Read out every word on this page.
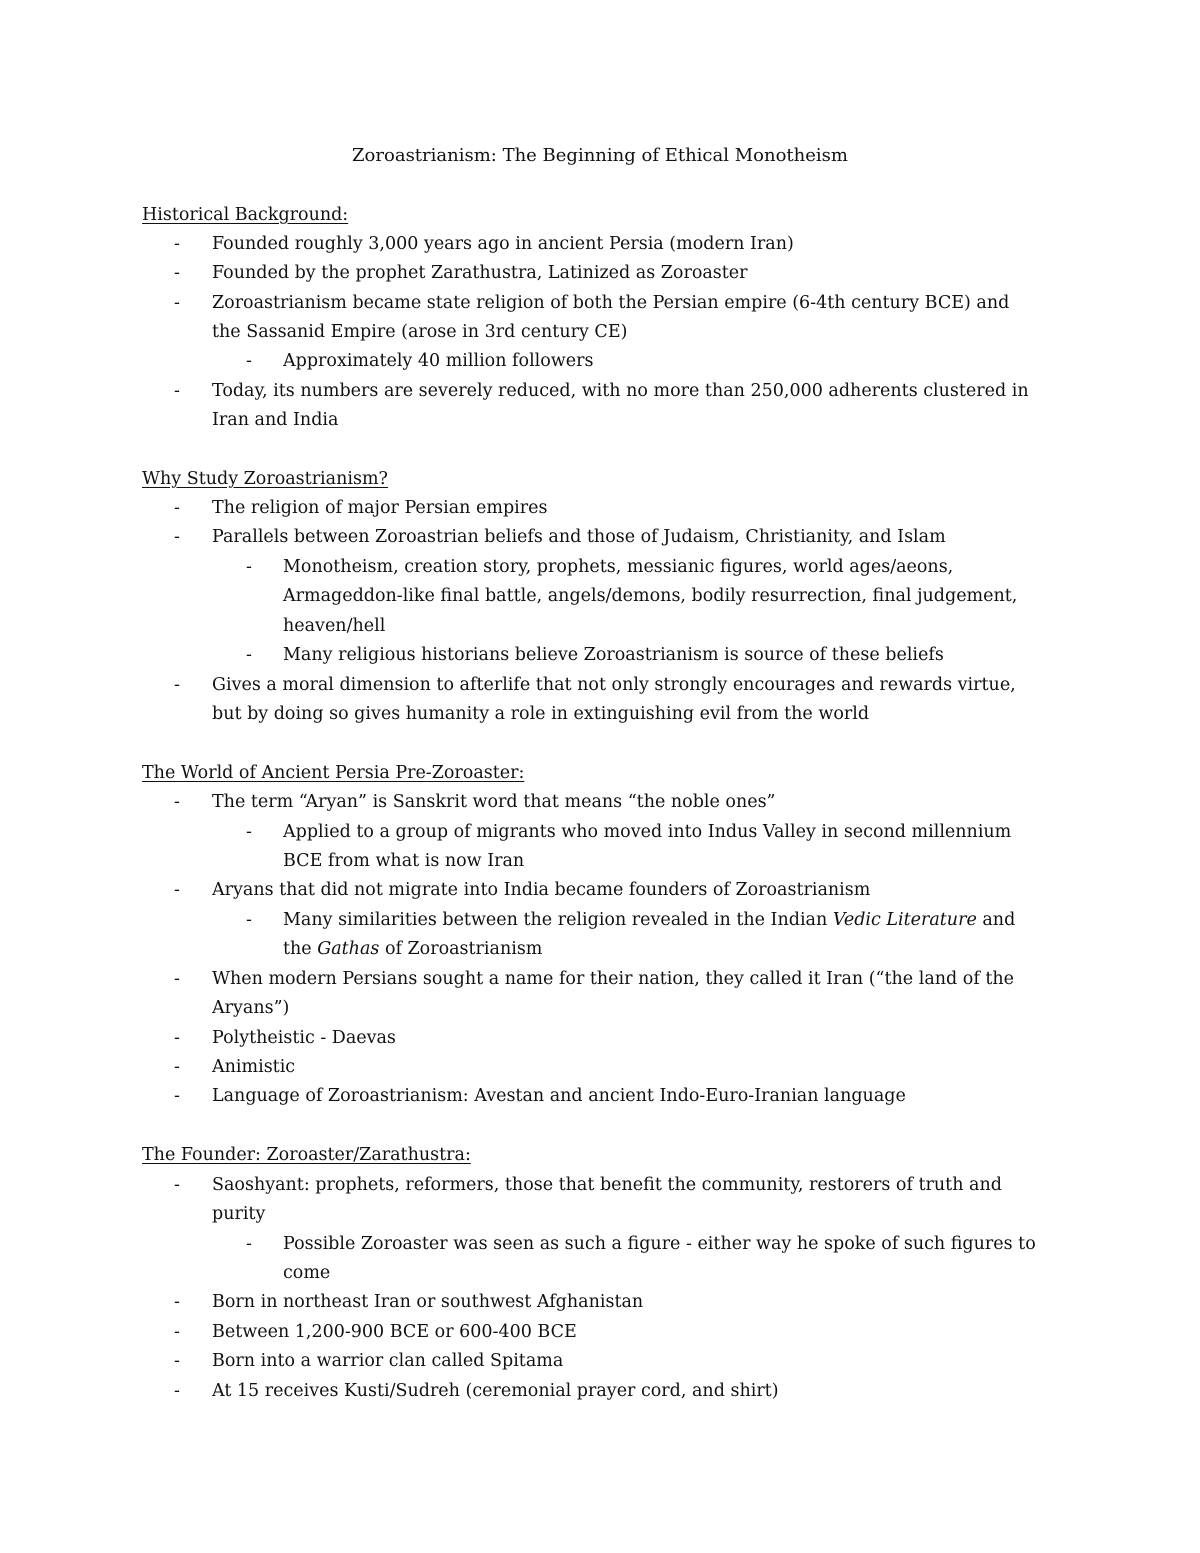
Zoroastrianism: The Beginning of Ethical Monotheism
Historical Background:
-	Founded roughly 3,000 years ago in ancient Persia (modern Iran)
-	Founded by the prophet Zarathustra, Latinized as Zoroaster
-	Zoroastrianism became state religion of both the Persian empire (6-4th century BCE) and
the Sassanid Empire (arose in 3rd century CE)
-	Approximately 40 million followers
-	Today, its numbers are severely reduced, with no more than 250,000 adherents clustered in
Iran and India
Why Study Zoroastrianism?
-	The religion of major Persian empires
-	Parallels between Zoroastrian beliefs and those of Judaism, Christianity, and Islam
-	Monotheism, creation story, prophets, messianic figures, world ages/aeons,
Armageddon-like final battle, angels/demons, bodily resurrection, final judgement,
heaven/hell
-	Many religious historians believe Zoroastrianism is source of these beliefs
-	Gives a moral dimension to afterlife that not only strongly encourages and rewards virtue,
but by doing so gives humanity a role in extinguishing evil from the world
The World of Ancient Persia Pre-Zoroaster:
-	The term “Aryan” is Sanskrit word that means “the noble ones”
-	Applied to a group of migrants who moved into Indus Valley in second millennium
BCE from what is now Iran
-	Aryans that did not migrate into India became founders of Zoroastrianism
-	Many similarities between the religion revealed in the Indian Vedic Literature and
the Gathas of Zoroastrianism
-	When modern Persians sought a name for their nation, they called it Iran (“the land of the
Aryans”)
-	Polytheistic - Daevas
-	Animistic
-	Language of Zoroastrianism: Avestan and ancient Indo-Euro-Iranian language
The Founder: Zoroaster/Zarathustra:
-	Saoshyant: prophets, reformers, those that benefit the community, restorers of truth and
purity
-	Possible Zoroaster was seen as such a figure - either way he spoke of such figures to
come
-	Born in northeast Iran or southwest Afghanistan
-	Between 1,200-900 BCE or 600-400 BCE
-	Born into a warrior clan called Spitama
-	At 15 receives Kusti/Sudreh (ceremonial prayer cord, and shirt)
